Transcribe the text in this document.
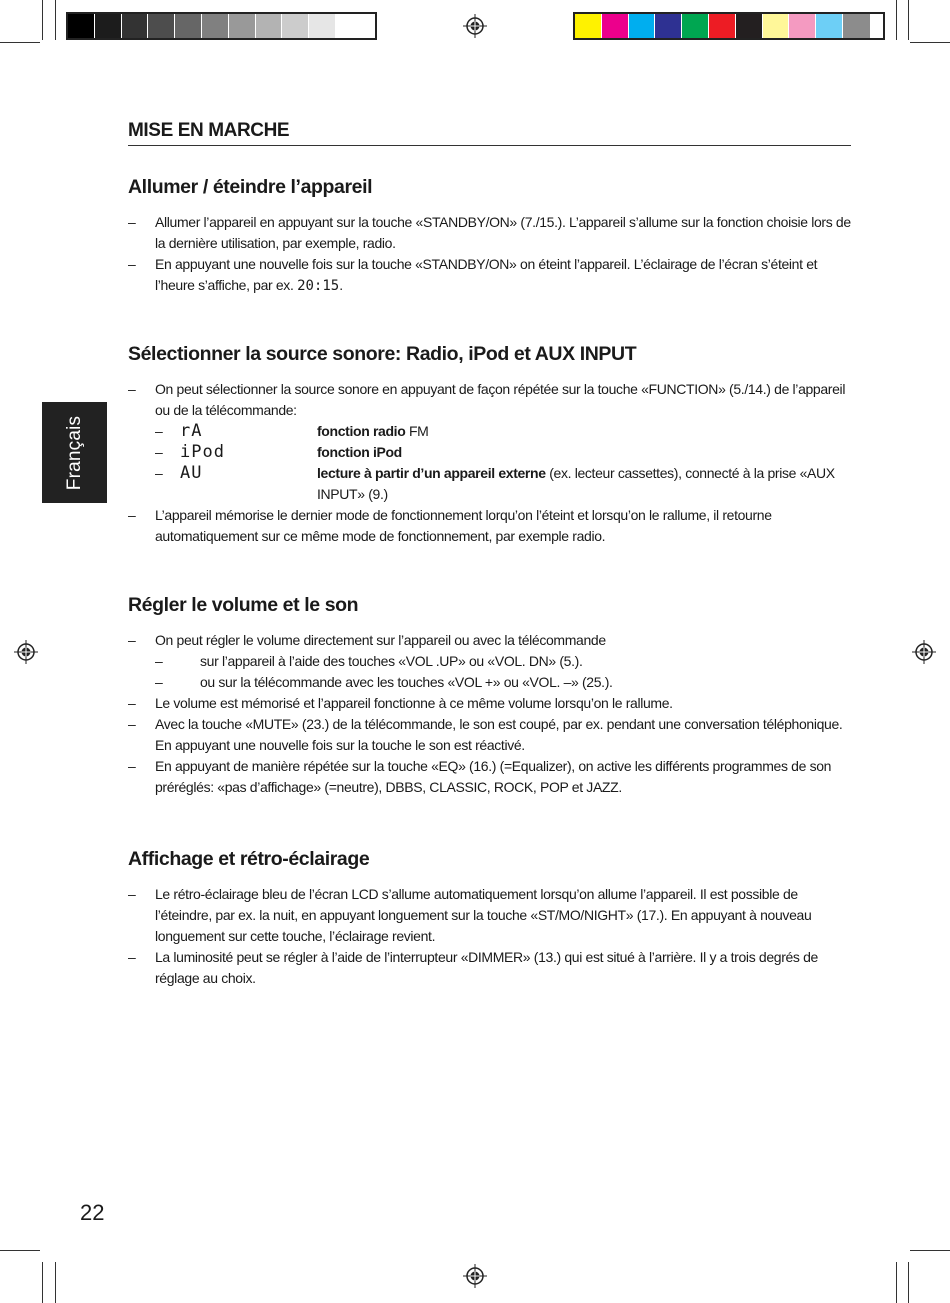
Français
MISE EN MARCHE
Allumer / éteindre l’appareil
– Allumer l’appareil en appuyant sur la touche «STANDBY/ON» (7./15.). L’appareil s’allume sur la fonction choisie lors de la dernière utilisation, par exemple, radio.
– En appuyant une nouvelle fois sur la touche «STANDBY/ON» on éteint l’appareil. L’éclairage de l’écran s’éteint et l’heure s’affiche, par ex. 20:15.
Sélectionner la source sonore: Radio, iPod et AUX INPUT
– On peut sélectionner la source sonore en appuyant de façon répétée sur la touche «FUNCTION» (5./14.) de l’appareil ou de la télécommande:
– rA	fonction radio FM
– iPod	fonction iPod
– AU	lecture à partir d’un appareil externe (ex. lecteur cassettes), connecté à la prise «AUX INPUT» (9.)
– L’appareil mémorise le dernier mode de fonctionnement lorqu’on l’éteint et lorsqu’on le rallume, il retourne automatiquement sur ce même mode de fonctionnement, par exemple radio.
Régler le volume et le son
– On peut régler le volume directement sur l’appareil ou avec la télécommande
–	sur l’appareil à l’aide des touches «VOL .UP» ou «VOL. DN» (5.).
–	ou sur la télécommande avec les touches «VOL +» ou «VOL. –» (25.).
– Le volume est mémorisé et l’appareil fonctionne à ce même volume lorsqu’on le rallume.
– Avec la touche «MUTE» (23.) de la télécommande, le son est coupé, par ex. pendant une conversation téléphonique. En appuyant une nouvelle fois sur la touche le son est réactivé.
– En appuyant de manière répétée sur la touche «EQ» (16.) (=Equalizer), on active les différents programmes de son préréglés: «pas d’affichage» (=neutre), DBBS, CLASSIC, ROCK, POP et JAZZ.
Affichage et rétro-éclairage
– Le rétro-éclairage bleu de l’écran LCD s’allume automatiquement lorsqu’on allume l’appareil. Il est possible de l’éteindre, par ex. la nuit, en appuyant longuement sur la touche «ST/MO/NIGHT» (17.). En appuyant à nouveau longuement sur cette touche, l’éclairage revient.
– La luminosité peut se régler à l’aide de l’interrupteur «DIMMER» (13.) qui est situé à l’arrière. Il y a trois degrés de réglage au choix.
22
